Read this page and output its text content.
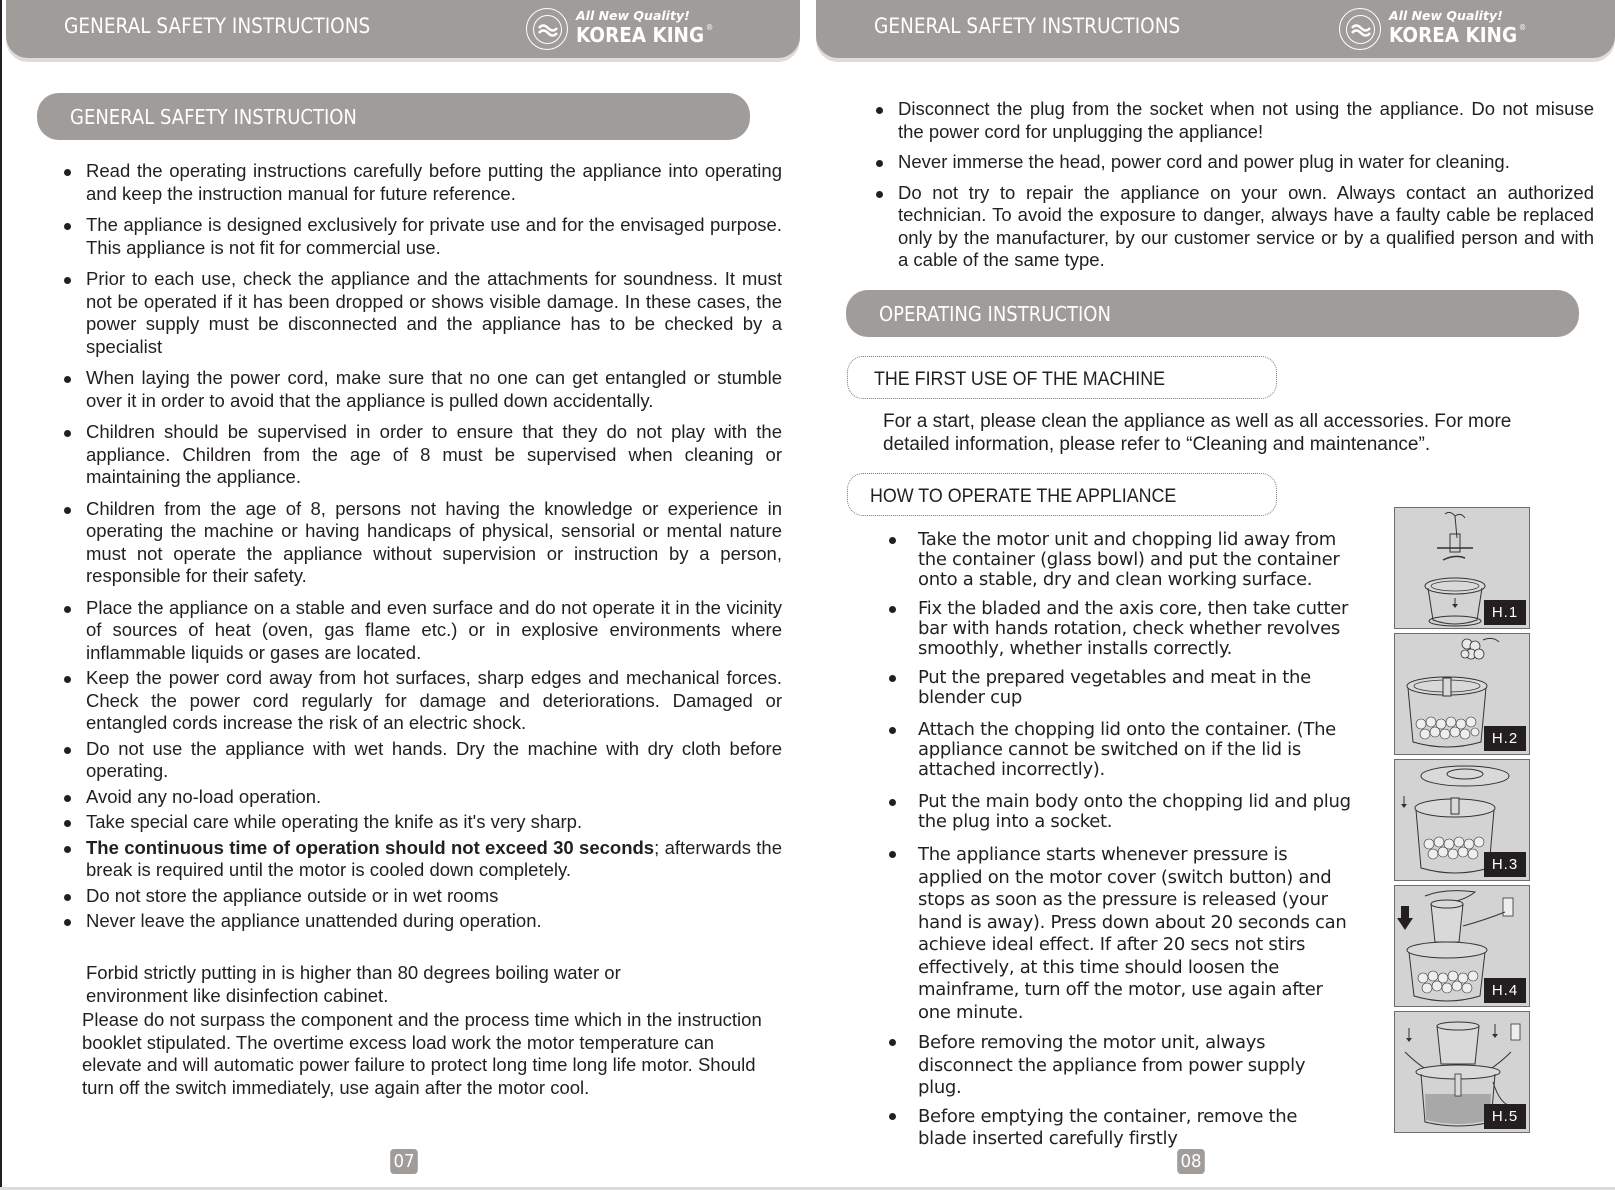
GENERAL SAFETY INSTRUCTIONS	All New Quality!
KOREA KING ®
GENERAL SAFETY INSTRUCTION
Read the operating instructions carefully before putting the appliance into operating and keep the instruction manual for future reference.
The appliance is designed exclusively for private use and for the envisaged purpose. This appliance is not fit for commercial use.
Prior to each use, check the appliance and the attachments for soundness. It must not be operated if it has been dropped or shows visible damage. In these cases, the power supply must be disconnected and the appliance has to be checked by a specialist
When laying the power cord, make sure that no one can get entangled or stumble over it in order to avoid that the appliance is pulled down accidentally.
Children should be supervised in order to ensure that they do not play with the appliance. Children from the age of 8 must be supervised when cleaning or maintaining the appliance.
Children from the age of 8, persons not having the knowledge or experience in operating the machine or having handicaps of physical, sensorial or mental nature must not operate the appliance without supervision or instruction by a person, responsible for their safety.
Place the appliance on a stable and even surface and do not operate it in the vicinity of sources of heat (oven, gas flame etc.) or in explosive environments where inflammable liquids or gases are located.
Keep the power cord away from hot surfaces, sharp edges and mechanical forces. Check the power cord regularly for damage and deteriorations. Damaged or entangled cords increase the risk of an electric shock.
Do not use the appliance with wet hands. Dry the machine with dry cloth before operating.
Avoid any no-load operation.
Take special care while operating the knife as it's very sharp.
The continuous time of operation should not exceed 30 seconds; afterwards the break is required until the motor is cooled down completely.
Do not store the appliance outside or in wet rooms
Never leave the appliance unattended during operation.
Forbid strictly putting in is higher than 80 degrees boiling water or environment like disinfection cabinet.
Please do not surpass the component and the process time which in the instruction booklet stipulated. The overtime excess load work the motor temperature can elevate and will automatic power failure to protect long time long life motor. Should turn off the switch immediately, use again after the motor cool.
07
GENERAL SAFETY INSTRUCTIONS	All New Quality!
KOREA KING ®
Disconnect the plug from the socket when not using the appliance. Do not misuse the power cord for unplugging the appliance!
Never immerse the head, power cord and power plug in water for cleaning.
Do not try to repair the appliance on your own. Always contact an authorized technician. To avoid the exposure to danger, always have a faulty cable be replaced only by the manufacturer, by our customer service or by a qualified person and with a cable of the same type.
OPERATING INSTRUCTION
THE FIRST USE OF THE MACHINE
For a start, please clean the appliance as well as all accessories. For more detailed information, please refer to “Cleaning and maintenance”.
HOW TO OPERATE THE APPLIANCE
Take the motor unit and chopping lid away from the container (glass bowl) and put the container onto a stable, dry and clean working surface.
Fix the bladed and the axis core, then take cutter bar with hands rotation, check whether revolves smoothly, whether installs correctly.
Put the prepared vegetables and meat in the blender cup
Attach the chopping lid onto the container. (The appliance cannot be switched on if the lid is attached incorrectly).
Put the main body onto the chopping lid and plug the plug into a socket.
The appliance starts whenever pressure is applied on the motor cover (switch button) and stops as soon as the pressure is released (your hand is away). Press down about 20 seconds can achieve ideal effect. If after 20 secs not stirs effectively, at this time should loosen the mainframe, turn off the motor, use again after one minute.
Before removing the motor unit, always disconnect the appliance from power supply plug.
Before emptying the container, remove the  blade inserted carefully firstly
H.1
H.2
H.3
H.4
H.5
08
